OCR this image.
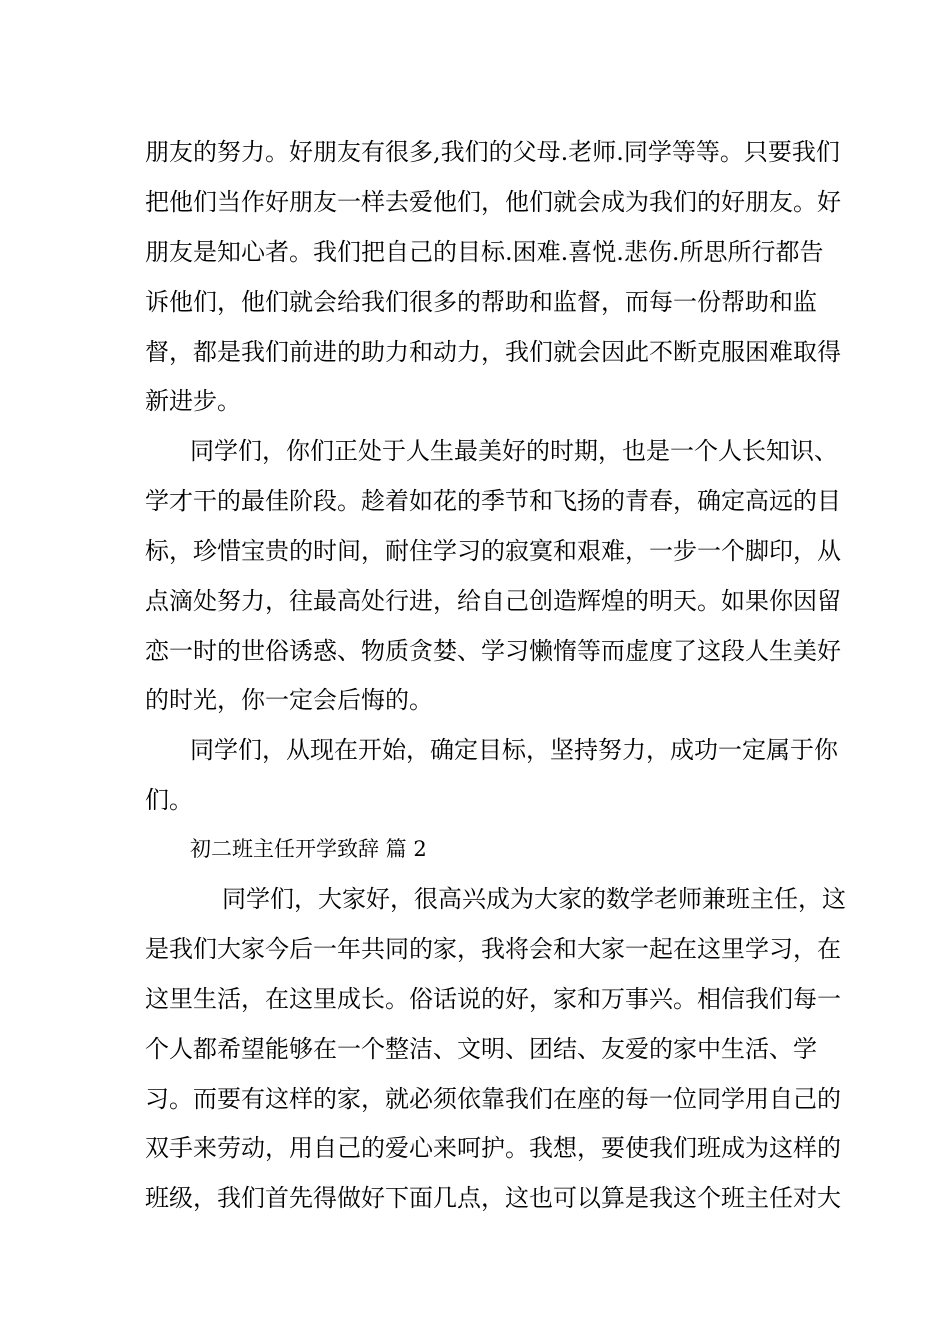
朋友的努力。好朋友有很多,我们的父母.老师.同学等等。只要我们
把他们当作好朋友一样去爱他们，他们就会成为我们的好朋友。好
朋友是知心者。我们把自己的目标.困难.喜悦.悲伤.所思所行都告
诉他们，他们就会给我们很多的帮助和监督，而每一份帮助和监
督，都是我们前进的助力和动力，我们就会因此不断克服困难取得
新进步。
同学们，你们正处于人生最美好的时期，也是一个人长知识、
学才干的最佳阶段。趁着如花的季节和飞扬的青春，确定高远的目
标，珍惜宝贵的时间，耐住学习的寂寞和艰难，一步一个脚印，从
点滴处努力，往最高处行进，给自己创造辉煌的明天。如果你因留
恋一时的世俗诱惑、物质贪婪、学习懒惰等而虚度了这段人生美好
的时光，你一定会后悔的。
同学们，从现在开始，确定目标，坚持努力，成功一定属于你
们。
初二班主任开学致辞 篇 2
同学们，大家好，很高兴成为大家的数学老师兼班主任，这
是我们大家今后一年共同的家，我将会和大家一起在这里学习，在
这里生活，在这里成长。俗话说的好，家和万事兴。相信我们每一
个人都希望能够在一个整洁、文明、团结、友爱的家中生活、学
习。而要有这样的家，就必须依靠我们在座的每一位同学用自己的
双手来劳动，用自己的爱心来呵护。我想，要使我们班成为这样的
班级，我们首先得做好下面几点，这也可以算是我这个班主任对大
